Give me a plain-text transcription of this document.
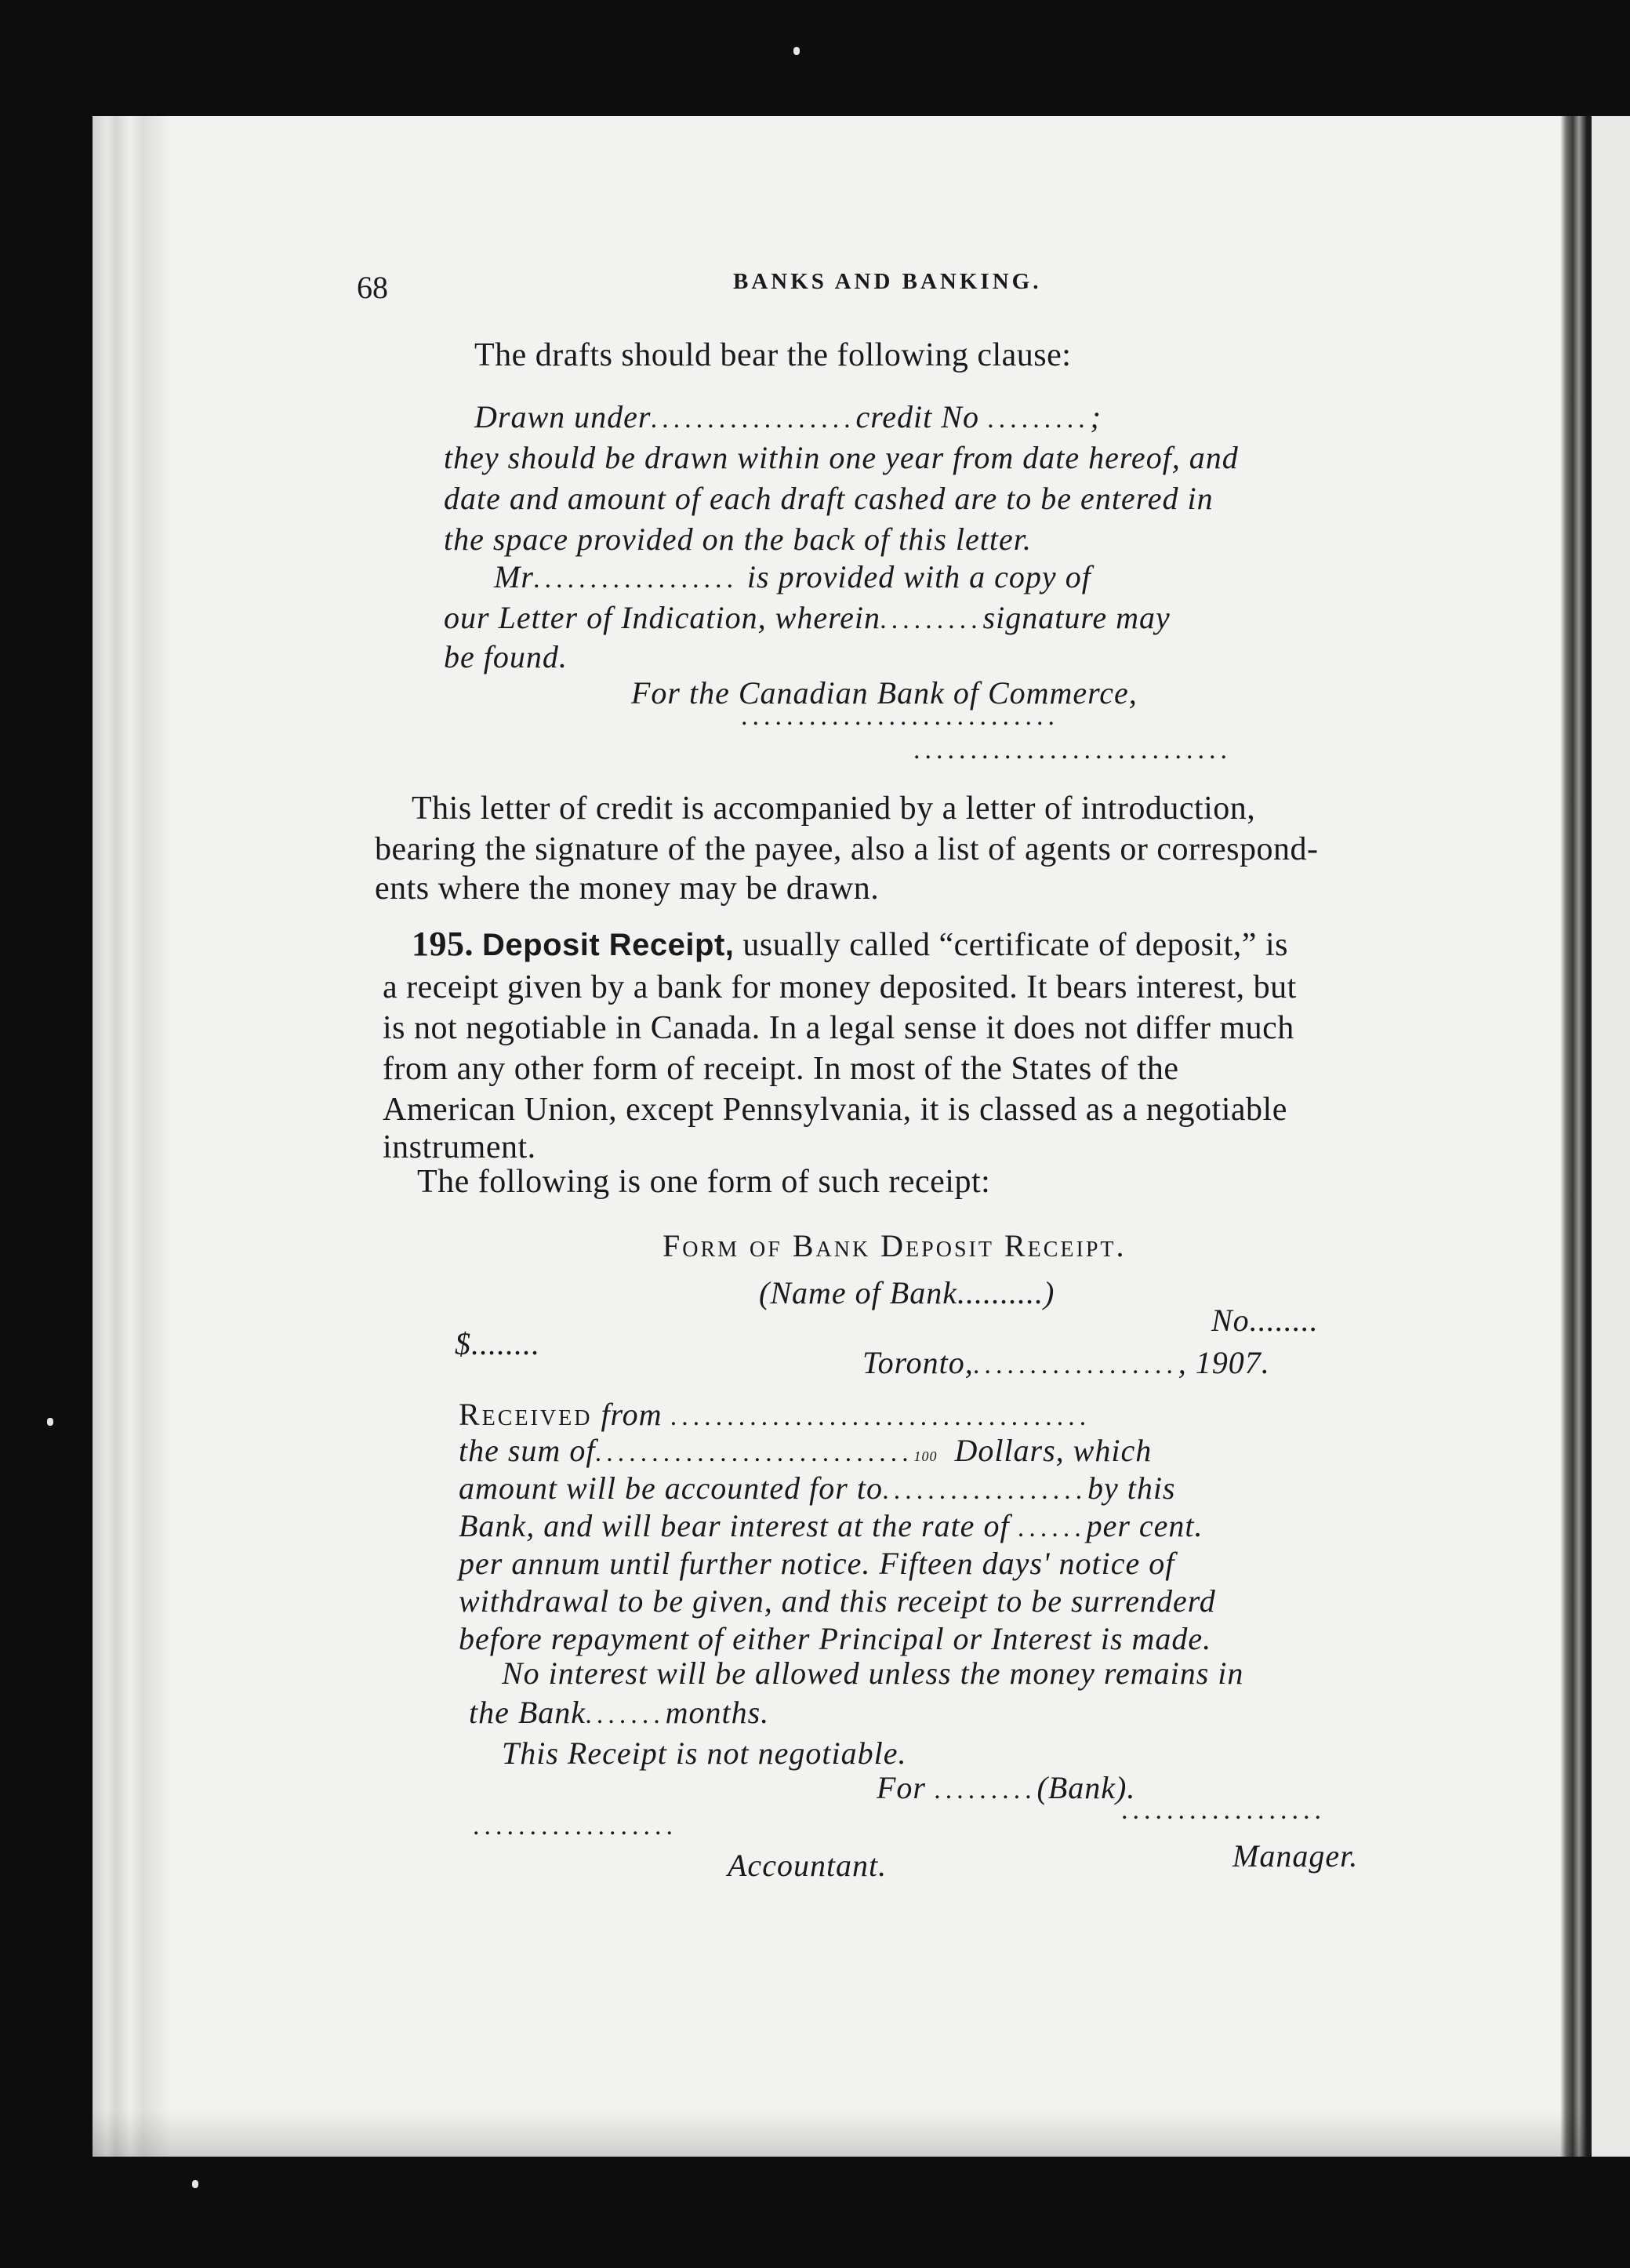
68	BANKS AND BANKING.
The drafts should bear the following clause:
Drawn under..................credit No .........;
they should be drawn within one year from date hereof, and
date and amount of each draft cashed are to be entered in
the space provided on the back of this letter.
Mr.................. is provided with a copy of
our Letter of Indication, wherein.........signature may
be found.
For the Canadian Bank of Commerce,
............................
............................
This letter of credit is accompanied by a letter of introduction,
bearing the signature of the payee, also a list of agents or correspond-
ents where the money may be drawn.
195. Deposit Receipt, usually called “certificate of deposit,” is
a receipt given by a bank for money deposited. It bears interest, but
is not negotiable in Canada. In a legal sense it does not differ much
from any other form of receipt. In most of the States of the
American Union, except Pennsylvania, it is classed as a negotiable
instrument.
The following is one form of such receipt:
Form of Bank Deposit Receipt.
(Name of Bank..........)
No........
$........
Toronto,.................., 1907.
Received from .....................................
the sum of............................100 Dollars, which
amount will be accounted for to..................by this
Bank, and will bear interest at the rate of ......per cent.
per annum until further notice. Fifteen days' notice of
withdrawal to be given, and this receipt to be surrenderd
before repayment of either Principal or Interest is made.
No interest will be allowed unless the money remains in
the Bank.......months.
This Receipt is not negotiable.
For .........(Bank).
..................
..................
Accountant.	Manager.
